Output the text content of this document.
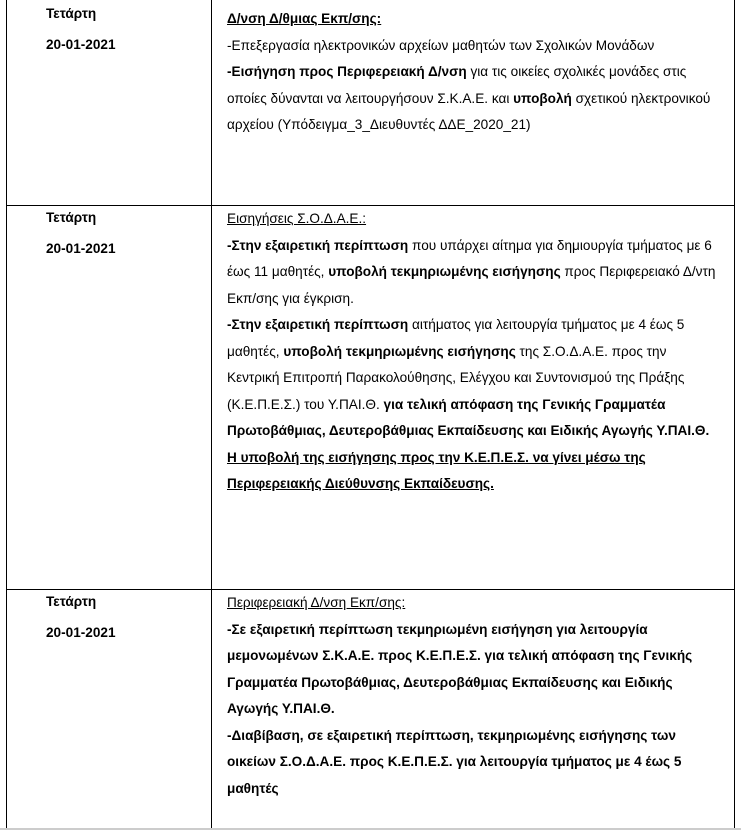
Τετάρτη
20-01-2021

Δ/νση Δ/θμιας Εκπ/σης:

-Επεξεργασία ηλεκτρονικών αρχείων μαθητών των Σχολικών Μονάδων

-Εισήγηση προς Περιφερειακή Δ/νση για τις οικείες σχολικές μονάδες στις οποίες δύνανται να λειτουργήσουν Σ.Κ.Α.Ε. και υποβολή σχετικού ηλεκτρονικού αρχείου (Υπόδειγμα_3_Διευθυντές ΔΔΕ_2020_21)

Τετάρτη
20-01-2021

Εισηγήσεις Σ.Ο.Δ.Α.Ε.:

-Στην εξαιρετική περίπτωση που υπάρχει αίτημα για δημιουργία τμήματος με 6 έως 11 μαθητές, υποβολή τεκμηριωμένης εισήγησης προς Περιφερειακό Δ/ντη Εκπ/σης για έγκριση.

-Στην εξαιρετική περίπτωση αιτήματος για λειτουργία τμήματος με 4 έως 5 μαθητές, υποβολή τεκμηριωμένης εισήγησης της Σ.Ο.Δ.Α.Ε. προς την Κεντρική Επιτροπή Παρακολούθησης, Ελέγχου και Συντονισμού της Πράξης (Κ.Ε.Π.Ε.Σ.) του Υ.ΠΑΙ.Θ. για τελική απόφαση της Γενικής Γραμματέα Πρωτοβάθμιας, Δευτεροβάθμιας Εκπαίδευσης και Ειδικής Αγωγής Υ.ΠΑΙ.Θ.

Η υποβολή της εισήγησης προς την Κ.Ε.Π.Ε.Σ. να γίνει μέσω της Περιφερειακής Διεύθυνσης Εκπαίδευσης.

Τετάρτη
20-01-2021

Περιφερειακή Δ/νση Εκπ/σης:

-Σε εξαιρετική περίπτωση τεκμηριωμένη εισήγηση για λειτουργία μεμονωμένων Σ.Κ.Α.Ε. προς Κ.Ε.Π.Ε.Σ. για τελική απόφαση της Γενικής Γραμματέα Πρωτοβάθμιας, Δευτεροβάθμιας Εκπαίδευσης και Ειδικής Αγωγής Υ.ΠΑΙ.Θ.

-Διαβίβαση, σε εξαιρετική περίπτωση, τεκμηριωμένης εισήγησης των οικείων Σ.Ο.Δ.Α.Ε. προς Κ.Ε.Π.Ε.Σ. για λειτουργία τμήματος με 4 έως 5 μαθητές
